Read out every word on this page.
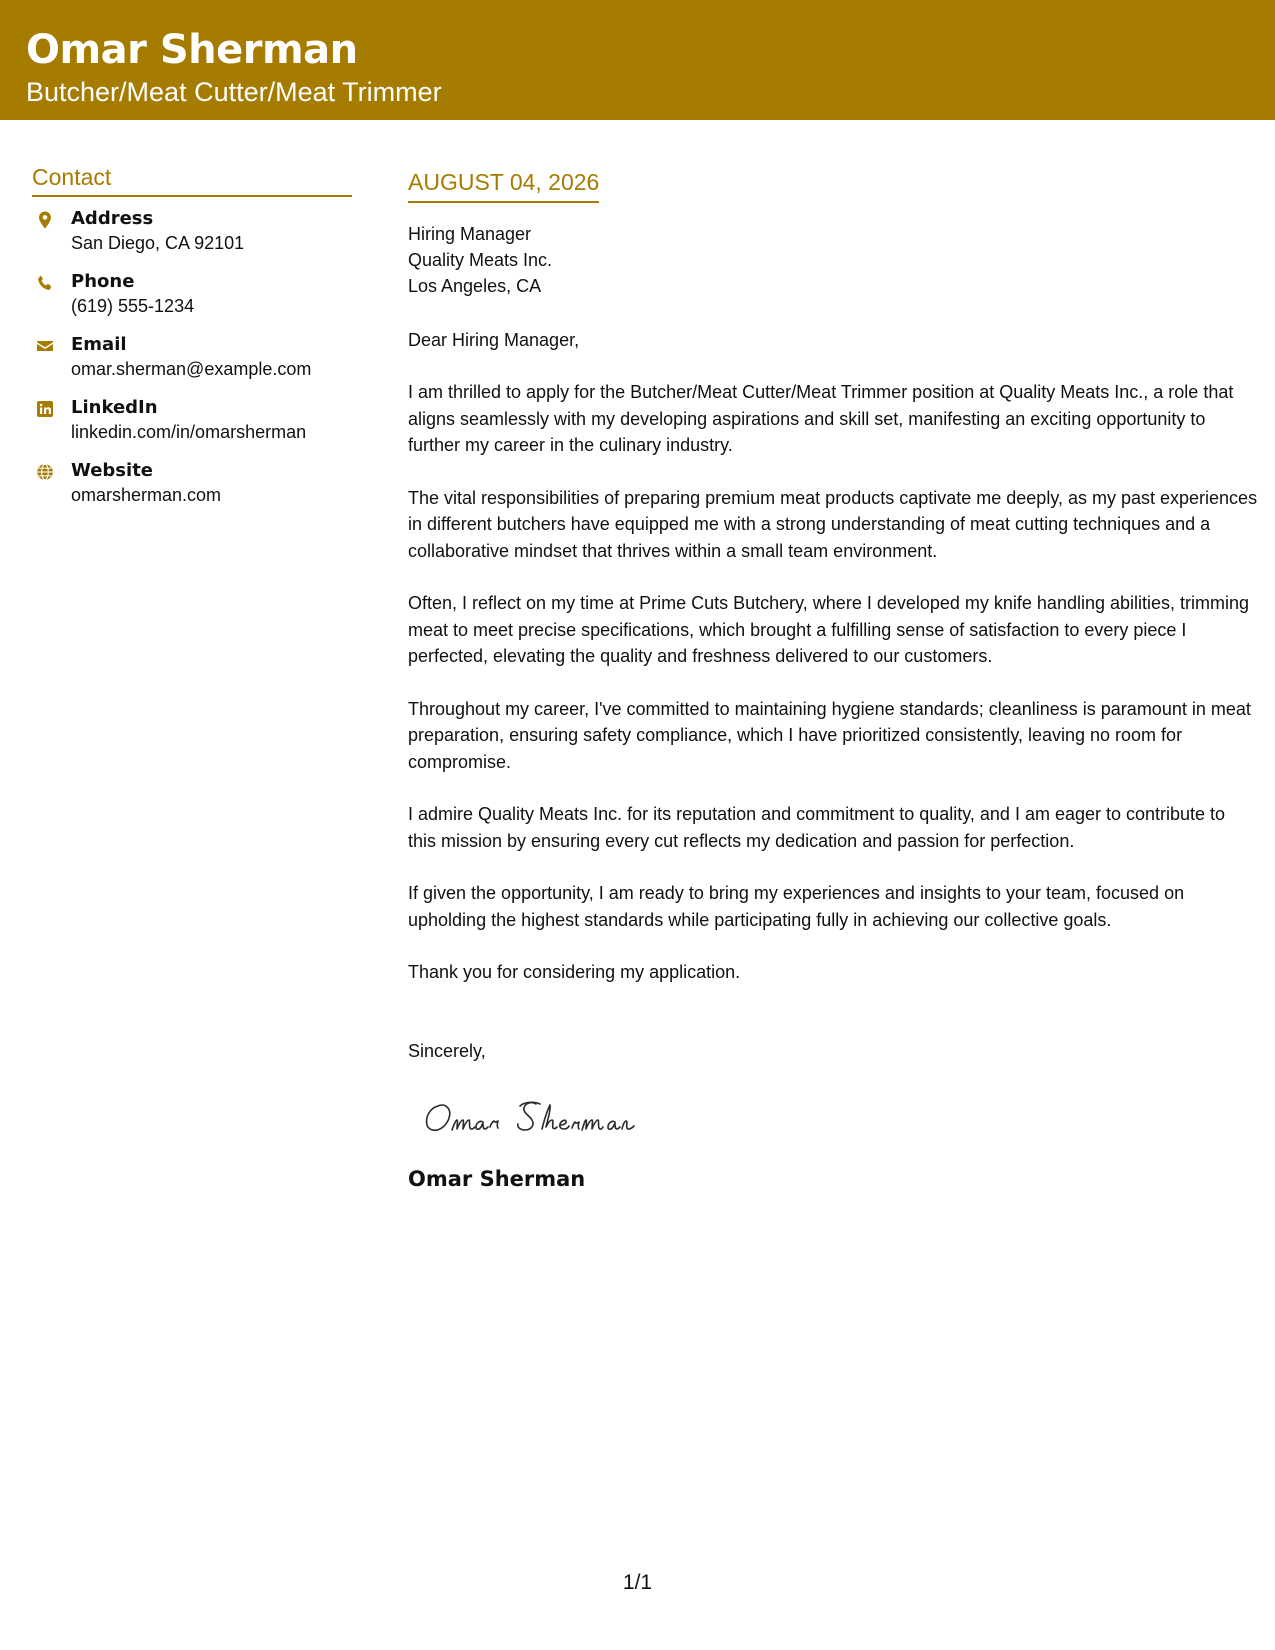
Omar Sherman
Butcher/Meat Cutter/Meat Trimmer
Contact
Address
San Diego, CA 92101
Phone
(619) 555-1234
Email
omar.sherman@example.com
LinkedIn
linkedin.com/in/omarsherman
Website
omarsherman.com
AUGUST 04, 2026
Hiring Manager
Quality Meats Inc.
Los Angeles, CA
Dear Hiring Manager,
I am thrilled to apply for the Butcher/Meat Cutter/Meat Trimmer position at Quality Meats Inc., a role that aligns seamlessly with my developing aspirations and skill set, manifesting an exciting opportunity to further my career in the culinary industry.
The vital responsibilities of preparing premium meat products captivate me deeply, as my past experiences in different butchers have equipped me with a strong understanding of meat cutting techniques and a collaborative mindset that thrives within a small team environment.
Often, I reflect on my time at Prime Cuts Butchery, where I developed my knife handling abilities, trimming meat to meet precise specifications, which brought a fulfilling sense of satisfaction to every piece I perfected, elevating the quality and freshness delivered to our customers.
Throughout my career, I've committed to maintaining hygiene standards; cleanliness is paramount in meat preparation, ensuring safety compliance, which I have prioritized consistently, leaving no room for compromise.
I admire Quality Meats Inc. for its reputation and commitment to quality, and I am eager to contribute to this mission by ensuring every cut reflects my dedication and passion for perfection.
If given the opportunity, I am ready to bring my experiences and insights to your team, focused on upholding the highest standards while participating fully in achieving our collective goals.
Thank you for considering my application.
Sincerely,
Omar Sherman
1/1
